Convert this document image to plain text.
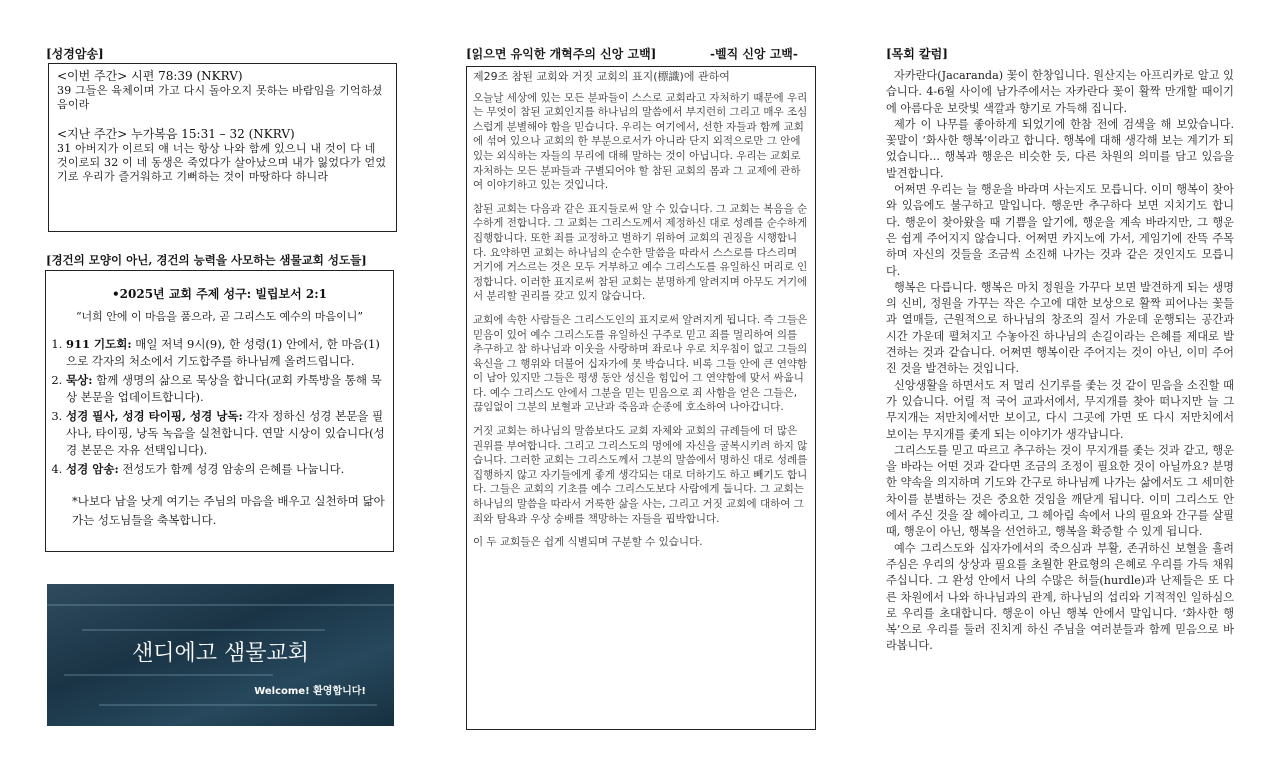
[성경암송]

<이번 주간> 시편 78:39 (NKRV)

39 그들은 육체이며 가고 다시 돌아오지 못하는 바람임을 기억하셨음이라

<지난 주간> 누가복음 15:31 – 32 (NKRV)

31 아버지가 이르되 얘 너는 항상 나와 함께 있으니 내 것이 다 네 것이로되 32 이 네 동생은 죽었다가 살아났으며 내가 잃었다가 얻었기로 우리가 즐거워하고 기뻐하는 것이 마땅하다 하니라

[경건의 모양이 아닌, 경건의 능력을 사모하는 샘물교회 성도들]

•2025년 교회 주제 성구: 빌립보서 2:1

“너희 안에 이 마음을 품으라, 곧 그리스도 예수의 마음이니”

1. 911 기도회: 매일 저녁 9시(9), 한 성령(1) 안에서, 한 마음(1)으로 각자의 처소에서 기도합주를 하나님께 올려드립니다.
2. 묵상: 함께 생명의 삶으로 묵상을 합니다(교회 카톡방을 통해 묵상 본문을 업데이트합니다).
3. 성경 필사, 성경 타이핑, 성경 낭독: 각자 정하신 성경 본문을 필사나, 타이핑, 낭독 녹음을 실천합니다. 연말 시상이 있습니다(성경 본문은 자유 선택입니다).
4. 성경 암송: 전성도가 함께 성경 암송의 은혜를 나눕니다.

*나보다 남을 낫게 여기는 주님의 마음을 배우고 실천하며 닮아가는 성도님들을 축복합니다.

샌디에고 샘물교회
Welcome! 환영합니다!
[읽으면 유익한 개혁주의 신앙 고백]	-벨직 신앙 고백-

제29조 참된 교회와 거짓 교회의 표지(標識)에 관하여

오늘날 세상에 있는 모든 분파들이 스스로 교회라고 자처하기 때문에 우리는 무엇이 참된 교회인지를 하나님의 말씀에서 부지런히 그리고 매우 조심스럽게 분별해야 함을 믿습니다. 우리는 여기에서, 선한 자들과 함께 교회에 섞여 있으나 교회의 한 부분으로서가 아니라 단지 외적으로만 그 안에 있는 외식하는 자들의 무리에 대해 말하는 것이 아닙니다. 우리는 교회로 자처하는 모든 분파들과 구별되어야 할 참된 교회의 몸과 그 교제에 관하여 이야기하고 있는 것입니다.

참된 교회는 다음과 같은 표지들로써 알 수 있습니다. 그 교회는 복음을 순수하게 전합니다. 그 교회는 그리스도께서 제정하신 대로 성례를 순수하게 집행합니다. 또한 죄를 교정하고 벌하기 위하여 교회의 권징을 시행합니다. 요약하면 교회는 하나님의 순수한 말씀을 따라서 스스로를 다스리며 거기에 거스르는 것은 모두 거부하고 예수 그리스도를 유일하신 머리로 인정합니다. 이러한 표지로써 참된 교회는 분명하게 알려지며 아무도 거기에서 분리할 권리를 갖고 있지 않습니다.

교회에 속한 사람들은 그리스도인의 표지로써 알려지게 됩니다. 즉 그들은 믿음이 있어 예수 그리스도를 유일하신 구주로 믿고 죄를 멀리하여 의를 추구하고 참 하나님과 이웃을 사랑하며 좌로나 우로 치우침이 없고 그들의 육신을 그 행위와 더불어 십자가에 못 박습니다. 비록 그들 안에 큰 연약함이 남아 있지만 그들은 평생 동안 성신을 힘입어 그 연약함에 맞서 싸웁니다. 예수 그리스도 안에서 그분을 믿는 믿음으로 죄 사함을 얻은 그들은, 끊임없이 그분의 보혈과 고난과 죽음과 순종에 호소하여 나아갑니다.

거짓 교회는 하나님의 말씀보다도 교회 자체와 교회의 규례들에 더 많은 권위를 부여합니다. 그리고 그리스도의 멍에에 자신을 굴복시키려 하지 않습니다. 그러한 교회는 그리스도께서 그분의 말씀에서 명하신 대로 성례를 집행하지 않고 자기들에게 좋게 생각되는 대로 더하기도 하고 빼기도 합니다. 그들은 교회의 기초를 예수 그리스도보다 사람에게 둡니다. 그 교회는 하나님의 말씀을 따라서 거룩한 삶을 사는, 그리고 거짓 교회에 대하여 그 죄와 탐욕과 우상 숭배를 책망하는 자들을 핍박합니다.

이 두 교회들은 쉽게 식별되며 구분할 수 있습니다.

[목회 칼럼]

자카란다(Jacaranda) 꽃이 한창입니다. 원산지는 아프리카로 알고 있습니다. 4-6월 사이에 남가주에서는 자카란다 꽃이 활짝 만개할 때이기에 아름다운 보랏빛 색깔과 향기로 가득해 집니다.

제가 이 나무를 좋아하게 되었기에 한참 전에 검색을 해 보았습니다. 꽃말이 ‘화사한 행복’이라고 합니다. 행복에 대해 생각해 보는 계기가 되었습니다... 행복과 행운은 비슷한 듯, 다른 차원의 의미를 담고 있음을 발견합니다.

어쩌면 우리는 늘 행운을 바라며 사는지도 모릅니다. 이미 행복이 찾아와 있음에도 불구하고 말입니다. 행운만 추구하다 보면 지치기도 합니다. 행운이 찾아왔을 때 기쁨을 알기에, 행운을 계속 바라지만, 그 행운은 쉽게 주어지지 않습니다. 어쩌면 카지노에 가서, 게임기에 잔뜩 주목하며 자신의 것들을 조금씩 소진해 나가는 것과 같은 것인지도 모릅니다.

행복은 다릅니다. 행복은 마치 정원을 가꾸다 보면 발견하게 되는 생명의 신비, 정원을 가꾸는 작은 수고에 대한 보상으로 활짝 피어나는 꽃들과 열매들, 근원적으로 하나님의 창조의 질서 가운데 운행되는 공간과 시간 가운데 펼쳐지고 수놓아진 하나님의 손길이라는 은혜를 제대로 발견하는 것과 같습니다. 어쩌면 행복이란 주어지는 것이 아닌, 이미 주어진 것을 발견하는 것입니다.

신앙생활을 하면서도 저 멀리 신기루를 좇는 것 같이 믿음을 소진할 때가 있습니다. 어릴 적 국어 교과서에서, 무지개를 찾아 떠나지만 늘 그 무지개는 저만치에서만 보이고, 다시 그곳에 가면 또 다시 저만치에서 보이는 무지개를 좇게 되는 이야기가 생각납니다.

그리스도를 믿고 따르고 추구하는 것이 무지개를 좇는 것과 같고, 행운을 바라는 어떤 것과 같다면 조금의 조정이 필요한 것이 아닐까요? 분명한 약속을 의지하며 기도와 간구로 하나님께 나가는 삶에서도 그 세미한 차이를 분별하는 것은 중요한 것임을 깨닫게 됩니다. 이미 그리스도 안에서 주신 것을 잘 헤아리고, 그 헤아림 속에서 나의 필요와 간구를 살필 때, 행운이 아닌, 행복을 선언하고, 행복을 확증할 수 있게 됩니다.

예수 그리스도와 십자가에서의 죽으심과 부활, 존귀하신 보혈을 흘려주심은 우리의 상상과 필요를 초월한 완료형의 은혜로 우리를 가득 채워주십니다. 그 완성 안에서 나의 수많은 허들(hurdle)과 난제들은 또 다른 차원에서 나와 하나님과의 관계, 하나님의 섭리와 기적적인 일하심으로 우리를 초대합니다. 행운이 아닌 행복 안에서 말입니다. ‘화사한 행복’으로 우리를 둘러 진치게 하신 주님을 여러분들과 함께 믿음으로 바라봅니다.
